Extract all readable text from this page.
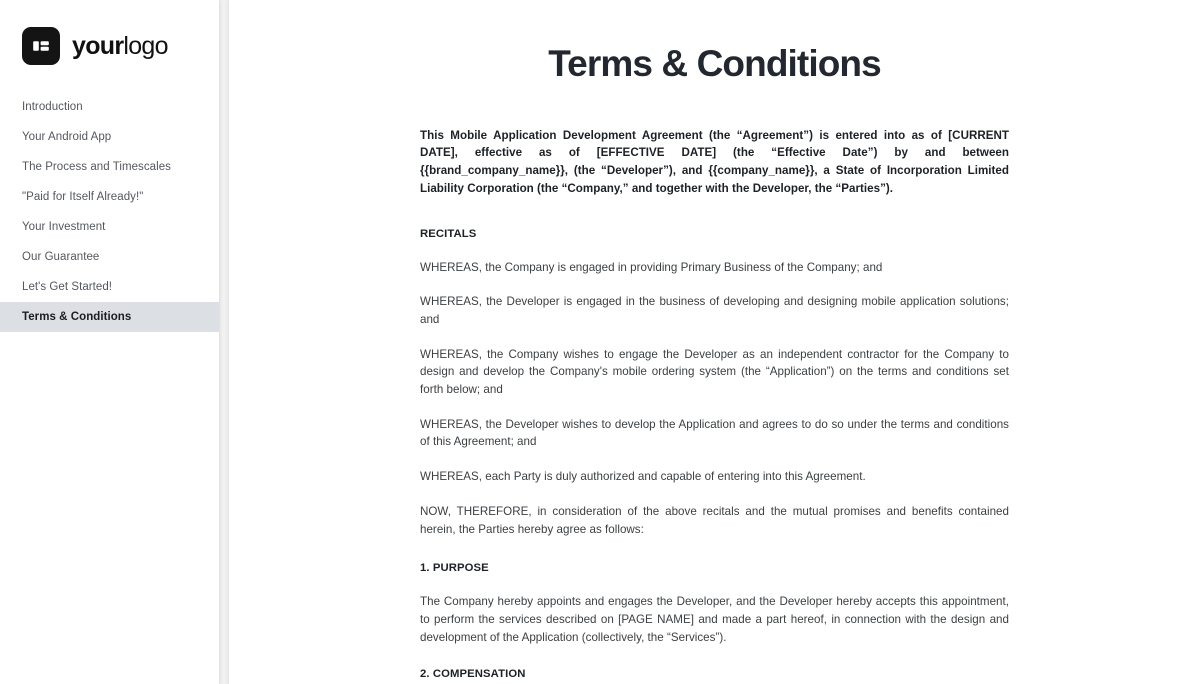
yourlogo
Introduction
Your Android App
The Process and Timescales
"Paid for Itself Already!"
Your Investment
Our Guarantee
Let's Get Started!
Terms & Conditions
Terms & Conditions

This Mobile Application Development Agreement (the “Agreement”) is entered into as of [CURRENT DATE], effective as of [EFFECTIVE DATE] (the “Effective Date”) by and between {{brand_company_name}}, (the “Developer”), and {{company_name}}, a State of Incorporation Limited Liability Corporation (the “Company,” and together with the Developer, the “Parties”).

RECITALS

WHEREAS, the Company is engaged in providing Primary Business of the Company; and

WHEREAS, the Developer is engaged in the business of developing and designing mobile application solutions; and

WHEREAS, the Company wishes to engage the Developer as an independent contractor for the Company to design and develop the Company's mobile ordering system (the “Application”) on the terms and conditions set forth below; and

WHEREAS, the Developer wishes to develop the Application and agrees to do so under the terms and conditions of this Agreement; and

WHEREAS, each Party is duly authorized and capable of entering into this Agreement.

NOW, THEREFORE, in consideration of the above recitals and the mutual promises and benefits contained herein, the Parties hereby agree as follows:

1. PURPOSE

The Company hereby appoints and engages the Developer, and the Developer hereby accepts this appointment, to perform the services described on [PAGE NAME] and made a part hereof, in connection with the design and development of the Application (collectively, the “Services”).

2. COMPENSATION
